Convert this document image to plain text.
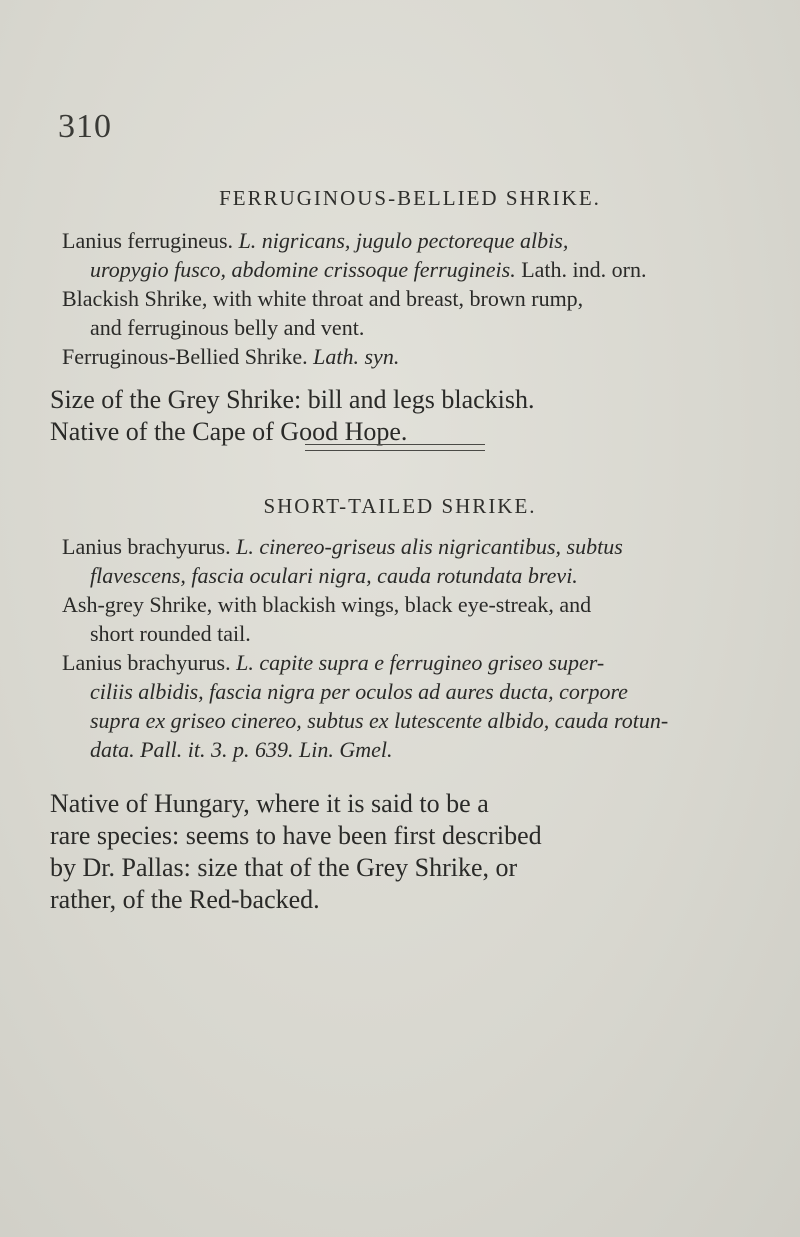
310
FERRUGINOUS-BELLIED SHRIKE.
Lanius ferrugineus. L. nigricans, jugulo pectoreque albis,
uropygio fusco, abdomine crissoque ferrugineis. Lath. ind. orn.
Blackish Shrike, with white throat and breast, brown rump,
and ferruginous belly and vent.
Ferruginous-Bellied Shrike. Lath. syn.
Size of the Grey Shrike: bill and legs blackish.
Native of the Cape of Good Hope.
SHORT-TAILED SHRIKE.
Lanius brachyurus. L. cinereo-griseus alis nigricantibus, subtus
flavescens, fascia oculari nigra, cauda rotundata brevi.
Ash-grey Shrike, with blackish wings, black eye-streak, and
short rounded tail.
Lanius brachyurus. L. capite supra e ferrugineo griseo super-
ciliis albidis, fascia nigra per oculos ad aures ducta, corpore
supra ex griseo cinereo, subtus ex lutescente albido, cauda rotun-
data. Pall. it. 3. p. 639. Lin. Gmel.
Native of Hungary, where it is said to be a
rare species: seems to have been first described
by Dr. Pallas: size that of the Grey Shrike, or
rather, of the Red-backed.
